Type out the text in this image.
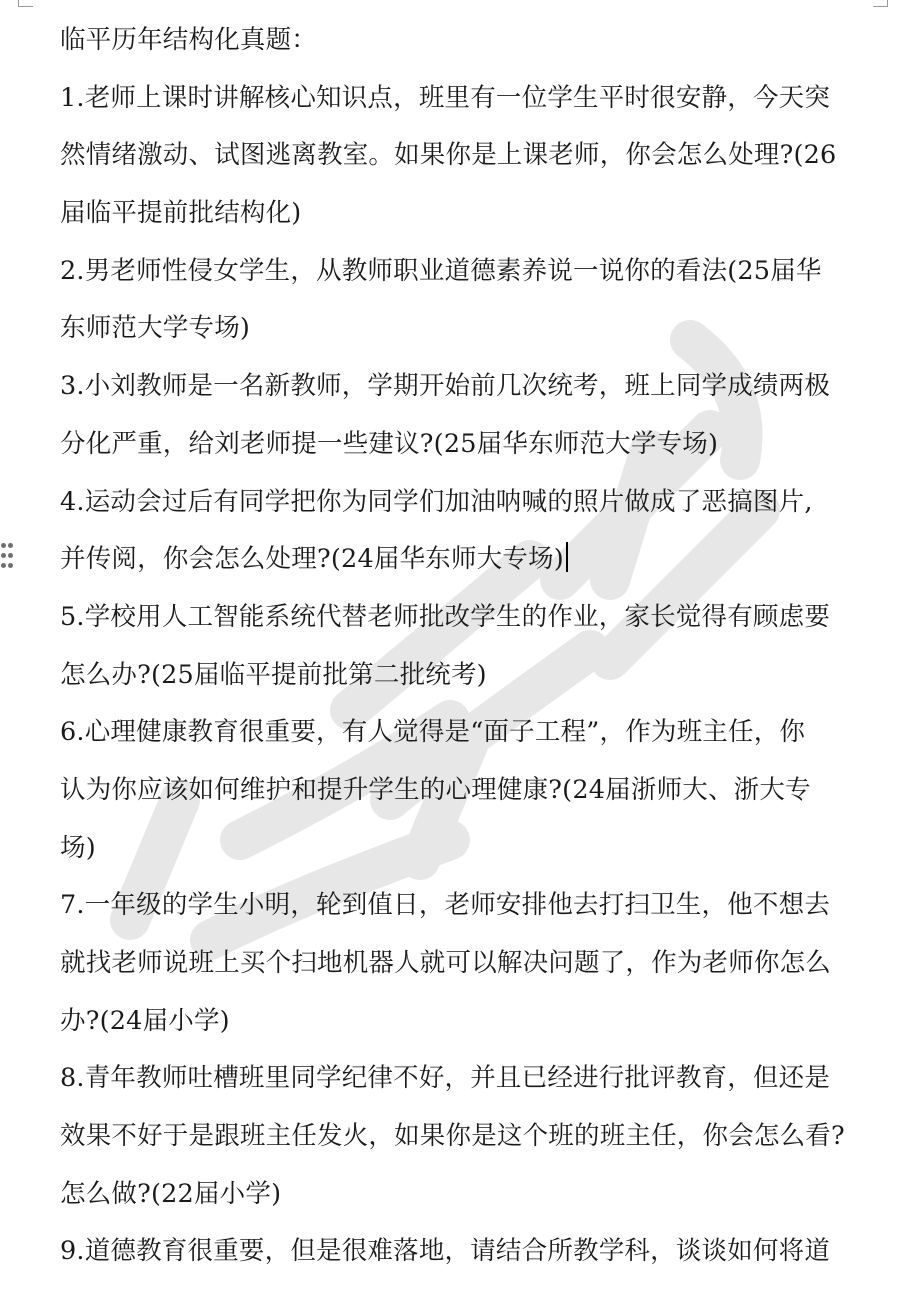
临平历年结构化真题：
1.老师上课时讲解核心知识点，班里有一位学生平时很安静，今天突
然情绪激动、试图逃离教室。如果你是上课老师，你会怎么处理?(26
届临平提前批结构化)
2.男老师性侵女学生，从教师职业道德素养说一说你的看法(25届华
东师范大学专场)
3.小刘教师是一名新教师，学期开始前几次统考，班上同学成绩两极
分化严重，给刘老师提一些建议?(25届华东师范大学专场)
4.运动会过后有同学把你为同学们加油呐喊的照片做成了恶搞图片,
并传阅，你会怎么处理?(24届华东师大专场)
5.学校用人工智能系统代替老师批改学生的作业，家长觉得有顾虑要
怎么办?(25届临平提前批第二批统考)
6.心理健康教育很重要，有人觉得是“面子工程”，作为班主任，你
认为你应该如何维护和提升学生的心理健康?(24届浙师大、浙大专
场)
7.一年级的学生小明，轮到值日，老师安排他去打扫卫生，他不想去
就找老师说班上买个扫地机器人就可以解决问题了，作为老师你怎么
办?(24届小学)
8.青年教师吐槽班里同学纪律不好，并且已经进行批评教育，但还是
效果不好于是跟班主任发火，如果你是这个班的班主任，你会怎么看?
怎么做?(22届小学)
9.道德教育很重要，但是很难落地，请结合所教学科，谈谈如何将道
